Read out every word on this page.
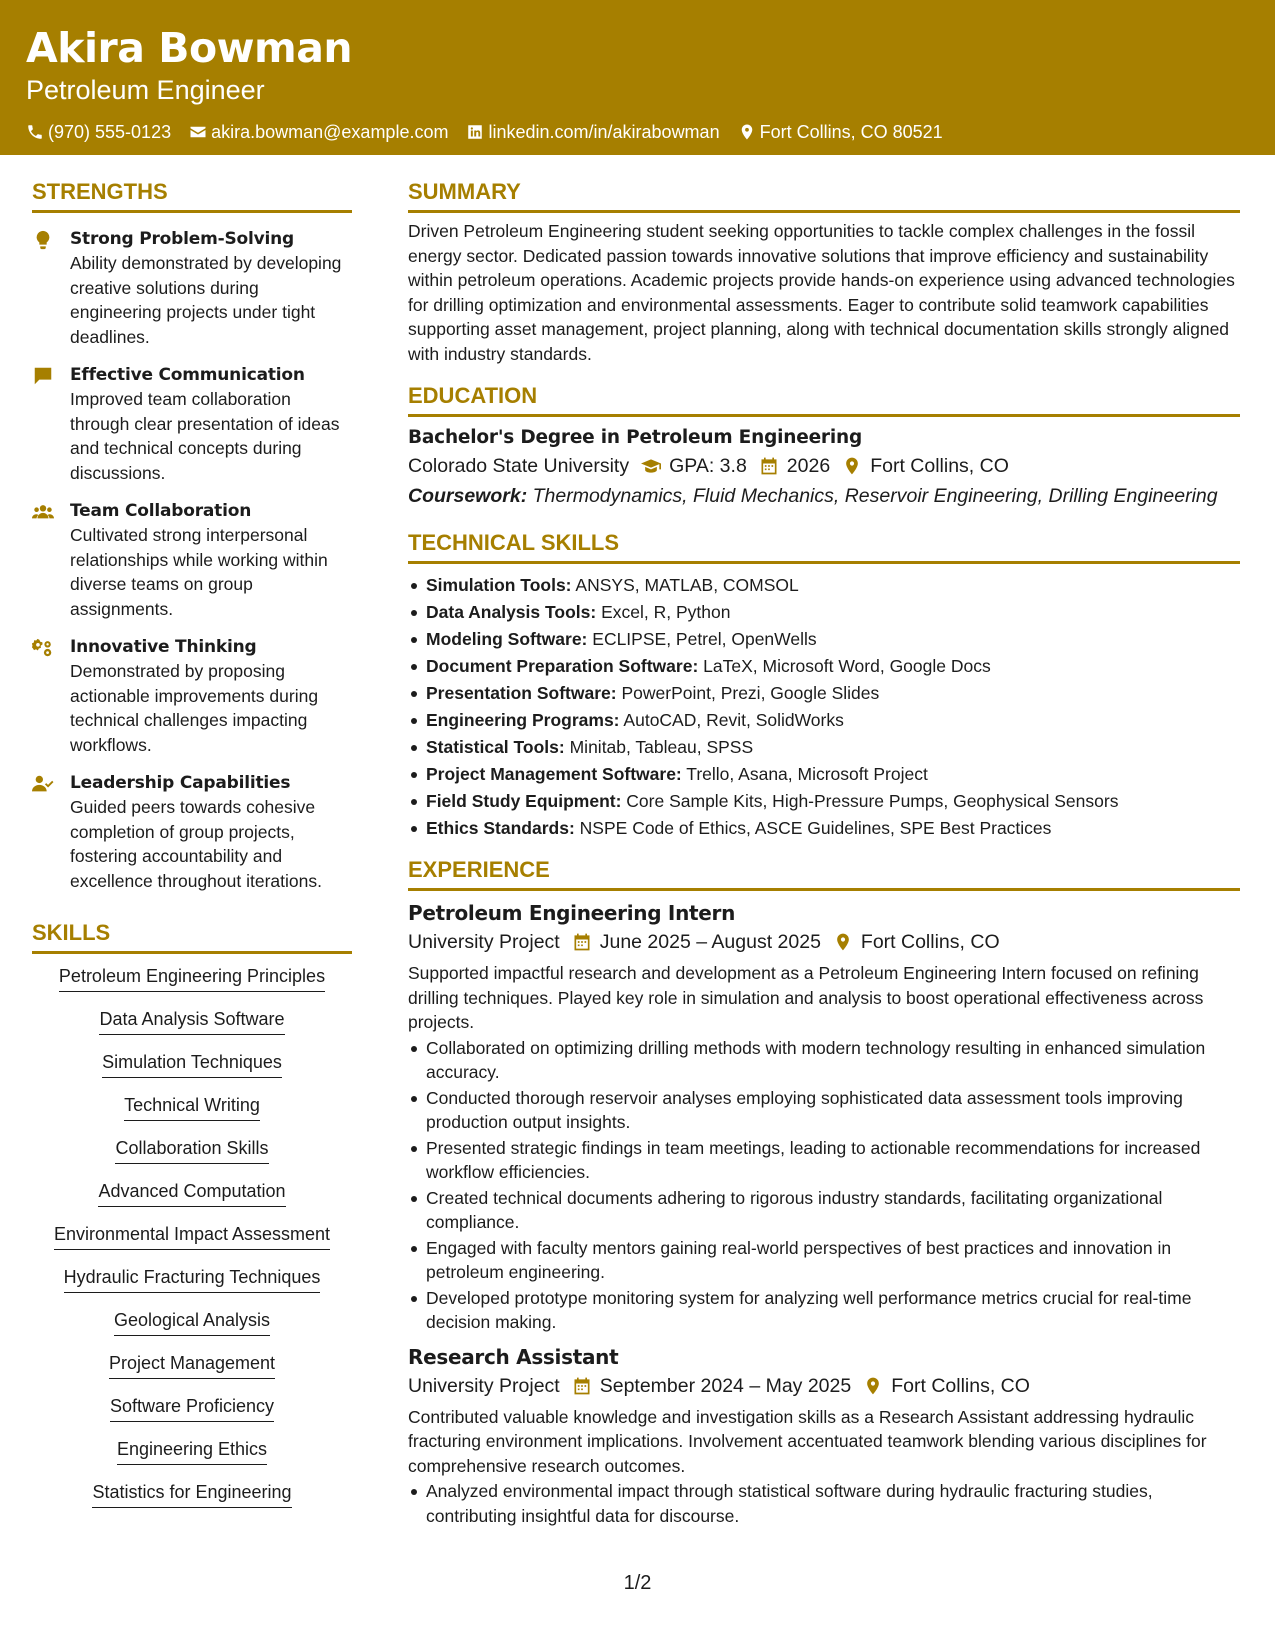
Akira Bowman
Petroleum Engineer
(970) 555-0123 akira.bowman@example.com linkedin.com/in/akirabowman Fort Collins, CO 80521
STRENGTHS
Strong Problem-Solving
Ability demonstrated by developing creative solutions during engineering projects under tight deadlines.
Effective Communication
Improved team collaboration through clear presentation of ideas and technical concepts during discussions.
Team Collaboration
Cultivated strong interpersonal relationships while working within diverse teams on group assignments.
Innovative Thinking
Demonstrated by proposing actionable improvements during technical challenges impacting workflows.
Leadership Capabilities
Guided peers towards cohesive completion of group projects, fostering accountability and excellence throughout iterations.
SKILLS
Petroleum Engineering Principles
Data Analysis Software
Simulation Techniques
Technical Writing
Collaboration Skills
Advanced Computation
Environmental Impact Assessment
Hydraulic Fracturing Techniques
Geological Analysis
Project Management
Software Proficiency
Engineering Ethics
Statistics for Engineering
SUMMARY
Driven Petroleum Engineering student seeking opportunities to tackle complex challenges in the fossil energy sector. Dedicated passion towards innovative solutions that improve efficiency and sustainability within petroleum operations. Academic projects provide hands-on experience using advanced technologies for drilling optimization and environmental assessments. Eager to contribute solid teamwork capabilities supporting asset management, project planning, along with technical documentation skills strongly aligned with industry standards.
EDUCATION
Bachelor's Degree in Petroleum Engineering
Colorado State University GPA: 3.8 2026 Fort Collins, CO
Coursework: Thermodynamics, Fluid Mechanics, Reservoir Engineering, Drilling Engineering
TECHNICAL SKILLS
Simulation Tools: ANSYS, MATLAB, COMSOL
Data Analysis Tools: Excel, R, Python
Modeling Software: ECLIPSE, Petrel, OpenWells
Document Preparation Software: LaTeX, Microsoft Word, Google Docs
Presentation Software: PowerPoint, Prezi, Google Slides
Engineering Programs: AutoCAD, Revit, SolidWorks
Statistical Tools: Minitab, Tableau, SPSS
Project Management Software: Trello, Asana, Microsoft Project
Field Study Equipment: Core Sample Kits, High-Pressure Pumps, Geophysical Sensors
Ethics Standards: NSPE Code of Ethics, ASCE Guidelines, SPE Best Practices
EXPERIENCE
Petroleum Engineering Intern
University Project June 2025 – August 2025 Fort Collins, CO
Supported impactful research and development as a Petroleum Engineering Intern focused on refining drilling techniques. Played key role in simulation and analysis to boost operational effectiveness across projects.
Collaborated on optimizing drilling methods with modern technology resulting in enhanced simulation accuracy.
Conducted thorough reservoir analyses employing sophisticated data assessment tools improving production output insights.
Presented strategic findings in team meetings, leading to actionable recommendations for increased workflow efficiencies.
Created technical documents adhering to rigorous industry standards, facilitating organizational compliance.
Engaged with faculty mentors gaining real-world perspectives of best practices and innovation in petroleum engineering.
Developed prototype monitoring system for analyzing well performance metrics crucial for real-time decision making.
Research Assistant
University Project September 2024 – May 2025 Fort Collins, CO
Contributed valuable knowledge and investigation skills as a Research Assistant addressing hydraulic fracturing environment implications. Involvement accentuated teamwork blending various disciplines for comprehensive research outcomes.
Analyzed environmental impact through statistical software during hydraulic fracturing studies, contributing insightful data for discourse.
1/2
